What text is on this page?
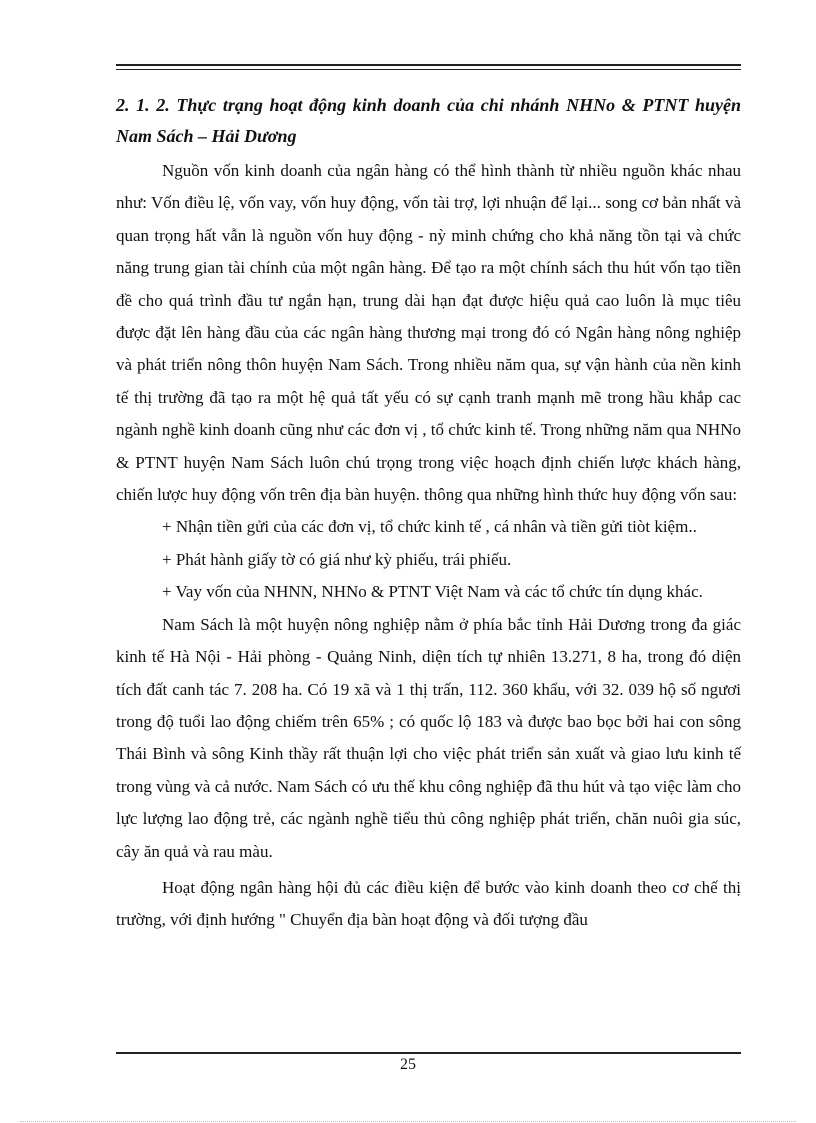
2. 1. 2. Thực trạng hoạt động kinh doanh của chi nhánh NHNo & PTNT huyện Nam Sách – Hải Dương

Nguồn vốn kinh doanh của ngân hàng có thể hình thành từ nhiều nguồn khác nhau như: Vốn điều lệ, vốn vay, vốn huy động, vốn tài trợ, lợi nhuận để lại... song cơ bản nhất và quan trọng hất vẫn là nguồn vốn huy động - nỳ minh chứng cho khả năng tồn tại và chức năng trung gian tài chính của một ngân hàng. Để tạo ra một chính sách thu hút vốn tạo tiền đề cho quá trình đầu tư ngắn hạn, trung dài hạn đạt được hiệu quả cao luôn là mục tiêu được đặt lên hàng đầu của các ngân hàng thương mại trong đó có Ngân hàng nông nghiệp và phát triển nông thôn huyện Nam Sách. Trong nhiều năm qua, sự vận hành của nền kinh tế thị trường đã tạo ra một hệ quả tất yếu có sự cạnh tranh mạnh mẽ trong hầu khắp cac ngành nghề kinh doanh cũng như các đơn vị , tổ chức kinh tế. Trong những năm qua NHNo & PTNT huyện Nam Sách luôn chú trọng trong việc hoạch định chiến lược khách hàng, chiến lược huy động vốn trên địa bàn huyện. thông qua những hình thức huy động vốn sau:

+ Nhận tiền gửi của các đơn vị, tổ chức kinh tế , cá nhân và tiền gửi tiòt kiệm..

+ Phát hành giấy tờ có giá như kỳ phiếu, trái phiếu.

+ Vay vốn của NHNN, NHNo & PTNT Việt Nam và các tổ chức tín dụng khác.

Nam Sách là một huyện nông nghiệp nằm ở phía bắc tỉnh Hải Dương trong đa giác kinh tế Hà Nội - Hải phòng - Quảng Ninh, diện tích tự nhiên 13.271, 8 ha, trong đó diện tích đất canh tác 7. 208 ha. Có 19 xã và 1 thị trấn, 112. 360 khẩu, với 32. 039 hộ số ngươi trong độ tuổi lao động chiếm trên 65% ; có quốc lộ 183 và được bao bọc bởi hai con sông Thái Bình và sông Kinh thầy rất thuận lợi cho việc phát triển sản xuất và giao lưu kinh tế trong vùng và cả nước. Nam Sách có ưu thế khu công nghiệp đã thu hút và tạo việc làm cho lực lượng lao động trẻ, các ngành nghề tiểu thủ công nghiệp phát triển, chăn nuôi gia súc, cây ăn quả và rau màu.

Hoạt động ngân hàng hội đủ các điều kiện để bước vào kinh doanh theo cơ chế thị trường, với định hướng " Chuyển địa bàn hoạt động và đối tượng đầu

25
